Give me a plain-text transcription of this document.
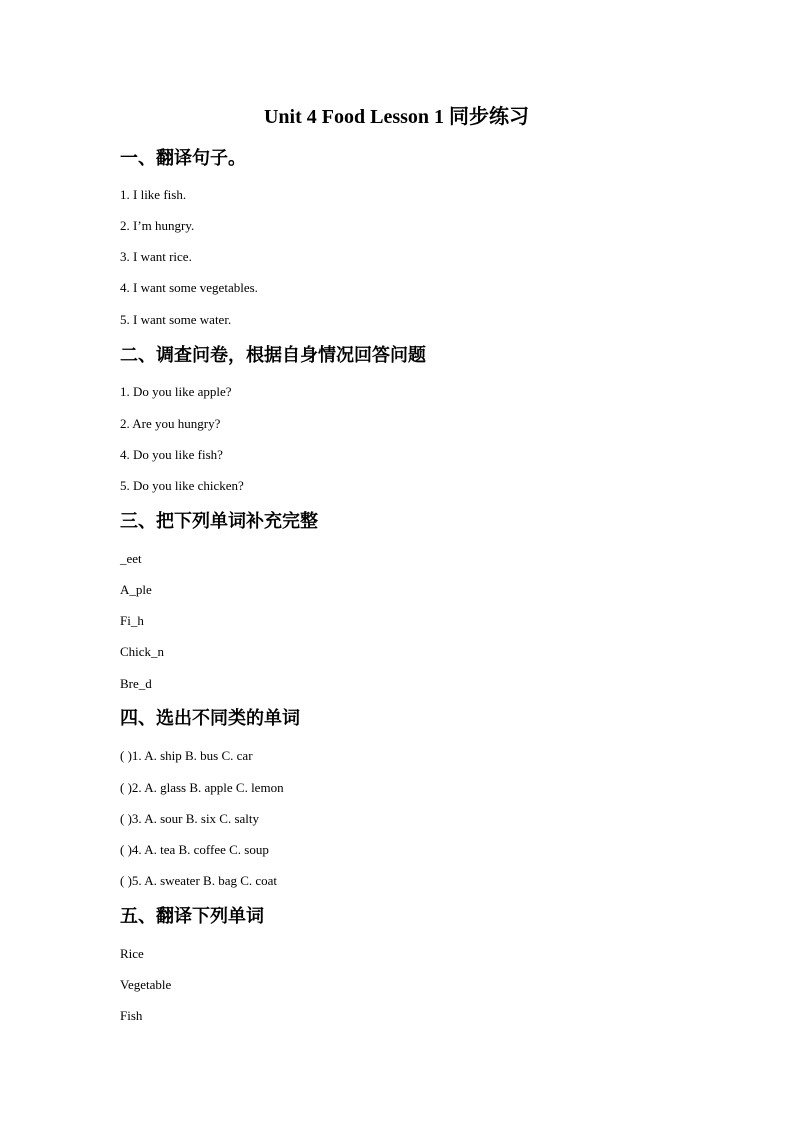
Unit 4 Food Lesson 1 同步练习
一、翻译句子。
1. I like fish.
2. I’m hungry.
3. I want rice.
4. I want some vegetables.
5. I want some water.
二、调查问卷，根据自身情况回答问题
1. Do you like apple?
2. Are you hungry?
4. Do you like fish?
5. Do you like chicken?
三、把下列单词补充完整
_eet
A_ple
Fi_h
Chick_n
Bre_d
四、选出不同类的单词
( )1. A. ship B. bus C. car
( )2. A. glass B. apple C. lemon
( )3. A. sour B. six C. salty
( )4. A. tea B. coffee C. soup
( )5. A. sweater B. bag C. coat
五、翻译下列单词
Rice
Vegetable
Fish
